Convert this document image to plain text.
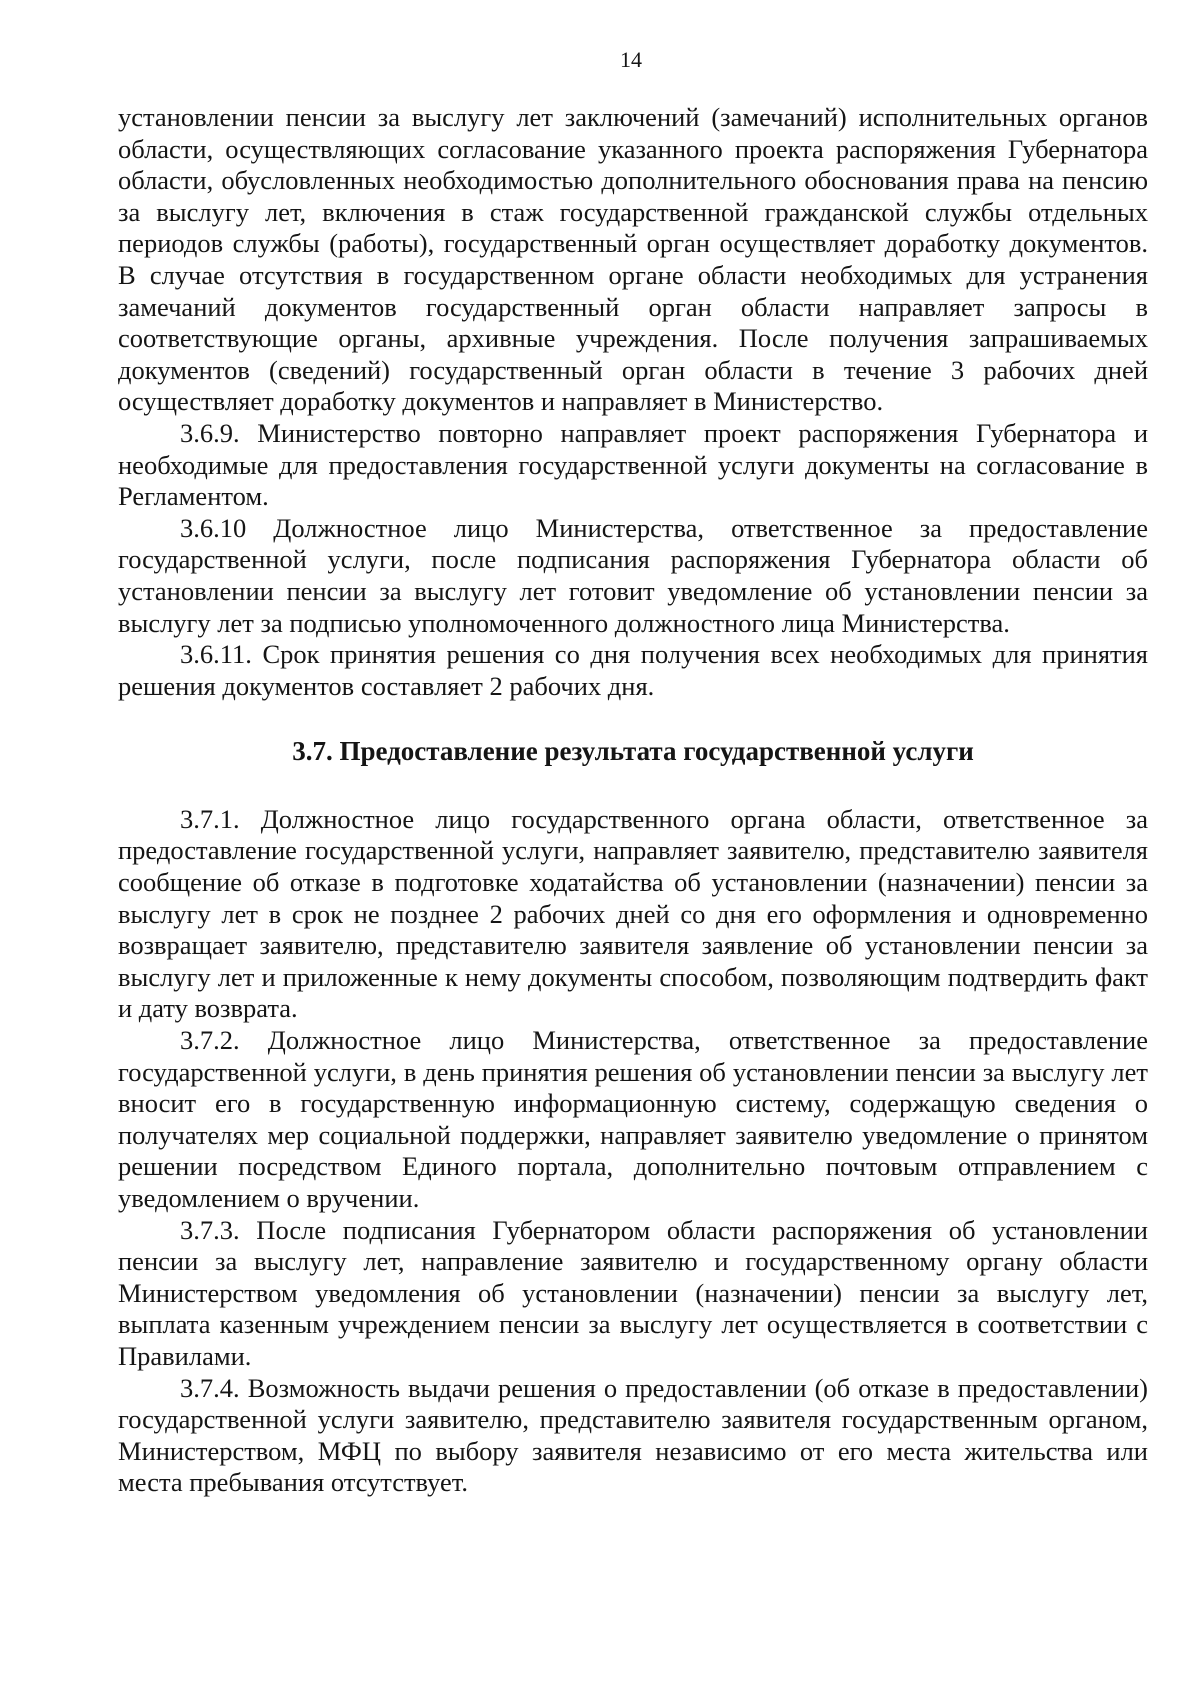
14

установлении пенсии за выслугу лет заключений (замечаний) исполнительных органов области, осуществляющих согласование указанного проекта распоряжения Губернатора области, обусловленных необходимостью дополнительного обоснования права на пенсию за выслугу лет, включения в стаж государственной гражданской службы отдельных периодов службы (работы), государственный орган осуществляет доработку документов. В случае отсутствия в государственном органе области необходимых для устранения замечаний документов государственный орган области направляет запросы в соответствующие органы, архивные учреждения. После получения запрашиваемых документов (сведений) государственный орган области в течение 3 рабочих дней осуществляет доработку документов и направляет в Министерство.

3.6.9. Министерство повторно направляет проект распоряжения Губернатора и необходимые для предоставления государственной услуги документы на согласование в Регламентом.

3.6.10 Должностное лицо Министерства, ответственное за предоставление государственной услуги, после подписания распоряжения Губернатора области об установлении пенсии за выслугу лет готовит уведомление об установлении пенсии за выслугу лет за подписью уполномоченного должностного лица Министерства.

3.6.11. Срок принятия решения со дня получения всех необходимых для принятия решения документов составляет 2 рабочих дня.

3.7. Предоставление результата государственной услуги

3.7.1. Должностное лицо государственного органа области, ответственное за предоставление государственной услуги, направляет заявителю, представителю заявителя сообщение об отказе в подготовке ходатайства об установлении (назначении) пенсии за выслугу лет в срок не позднее 2 рабочих дней со дня его оформления и одновременно возвращает заявителю, представителю заявителя заявление об установлении пенсии за выслугу лет и приложенные к нему документы способом, позволяющим подтвердить факт и дату возврата.

3.7.2. Должностное лицо Министерства, ответственное за предоставление государственной услуги, в день принятия решения об установлении пенсии за выслугу лет вносит его в государственную информационную систему, содержащую сведения о получателях мер социальной поддержки, направляет заявителю уведомление о принятом решении посредством Единого портала, дополнительно почтовым отправлением с уведомлением о вручении.

3.7.3. После подписания Губернатором области распоряжения об установлении пенсии за выслугу лет, направление заявителю и государственному органу области Министерством уведомления об установлении (назначении) пенсии за выслугу лет, выплата казенным учреждением пенсии за выслугу лет осуществляется в соответствии с Правилами.

3.7.4. Возможность выдачи решения о предоставлении (об отказе в предоставлении) государственной услуги заявителю, представителю заявителя государственным органом, Министерством, МФЦ по выбору заявителя независимо от его места жительства или места пребывания отсутствует.
